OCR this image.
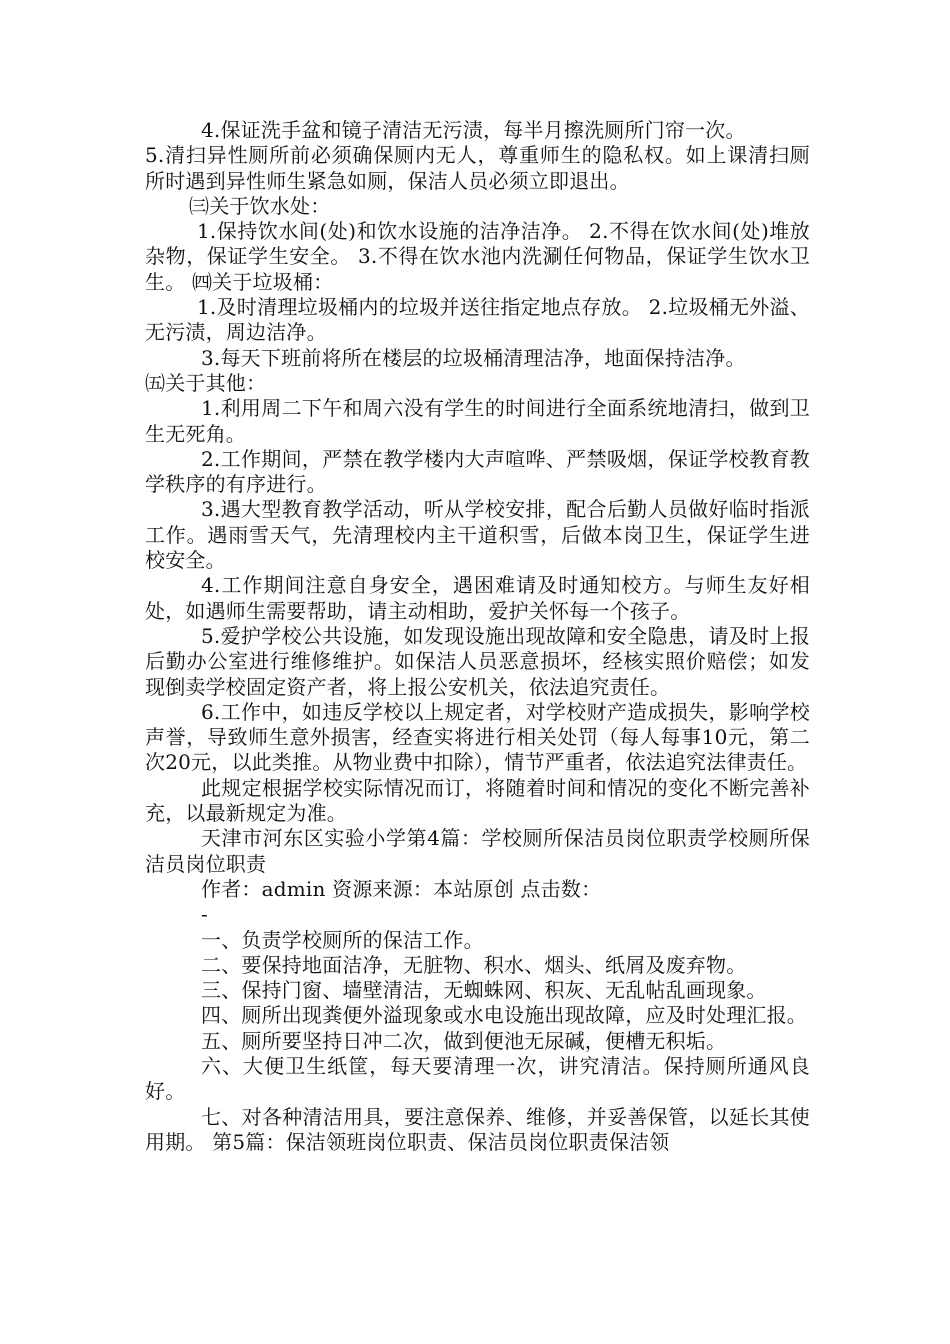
4.保证洗手盆和镜子清洁无污渍，每半月擦洗厕所门帘一次。

5.清扫异性厕所前必须确保厕内无人，尊重师生的隐私权。如上课清扫厕所时遇到异性师生紧急如厕，保洁人员必须立即退出。

㈢关于饮水处：

1.保持饮水间(处)和饮水设施的洁净洁净。 2.不得在饮水间(处)堆放杂物，保证学生安全。 3.不得在饮水池内洗涮任何物品，保证学生饮水卫生。 ㈣关于垃圾桶：

1.及时清理垃圾桶内的垃圾并送往指定地点存放。 2.垃圾桶无外溢、无污渍，周边洁净。

3.每天下班前将所在楼层的垃圾桶清理洁净，地面保持洁净。

㈤关于其他：

1.利用周二下午和周六没有学生的时间进行全面系统地清扫，做到卫生无死角。

2.工作期间，严禁在教学楼内大声喧哗、严禁吸烟，保证学校教育教学秩序的有序进行。

3.遇大型教育教学活动，听从学校安排，配合后勤人员做好临时指派工作。遇雨雪天气，先清理校内主干道积雪，后做本岗卫生，保证学生进校安全。

4.工作期间注意自身安全，遇困难请及时通知校方。与师生友好相处，如遇师生需要帮助，请主动相助，爱护关怀每一个孩子。

5.爱护学校公共设施，如发现设施出现故障和安全隐患，请及时上报后勤办公室进行维修维护。如保洁人员恶意损坏，经核实照价赔偿；如发现倒卖学校固定资产者，将上报公安机关，依法追究责任。

6.工作中，如违反学校以上规定者，对学校财产造成损失，影响学校声誉，导致师生意外损害，经查实将进行相关处罚（每人每事10元，第二次20元，以此类推。从物业费中扣除），情节严重者，依法追究法律责任。

此规定根据学校实际情况而订，将随着时间和情况的变化不断完善补充，以最新规定为准。

天津市河东区实验小学第4篇：学校厕所保洁员岗位职责学校厕所保洁员岗位职责

作者：admin 资源来源：本站原创 点击数：

-

一、负责学校厕所的保洁工作。

二、要保持地面洁净，无脏物、积水、烟头、纸屑及废弃物。

三、保持门窗、墙壁清洁，无蜘蛛网、积灰、无乱帖乱画现象。

四、厕所出现粪便外溢现象或水电设施出现故障，应及时处理汇报。

五、厕所要坚持日冲二次，做到便池无尿碱，便槽无积垢。

六、大便卫生纸筐，每天要清理一次，讲究清洁。保持厕所通风良好。

七、对各种清洁用具，要注意保养、维修，并妥善保管，以延长其使用期。 第5篇：保洁领班岗位职责、保洁员岗位职责保洁领
